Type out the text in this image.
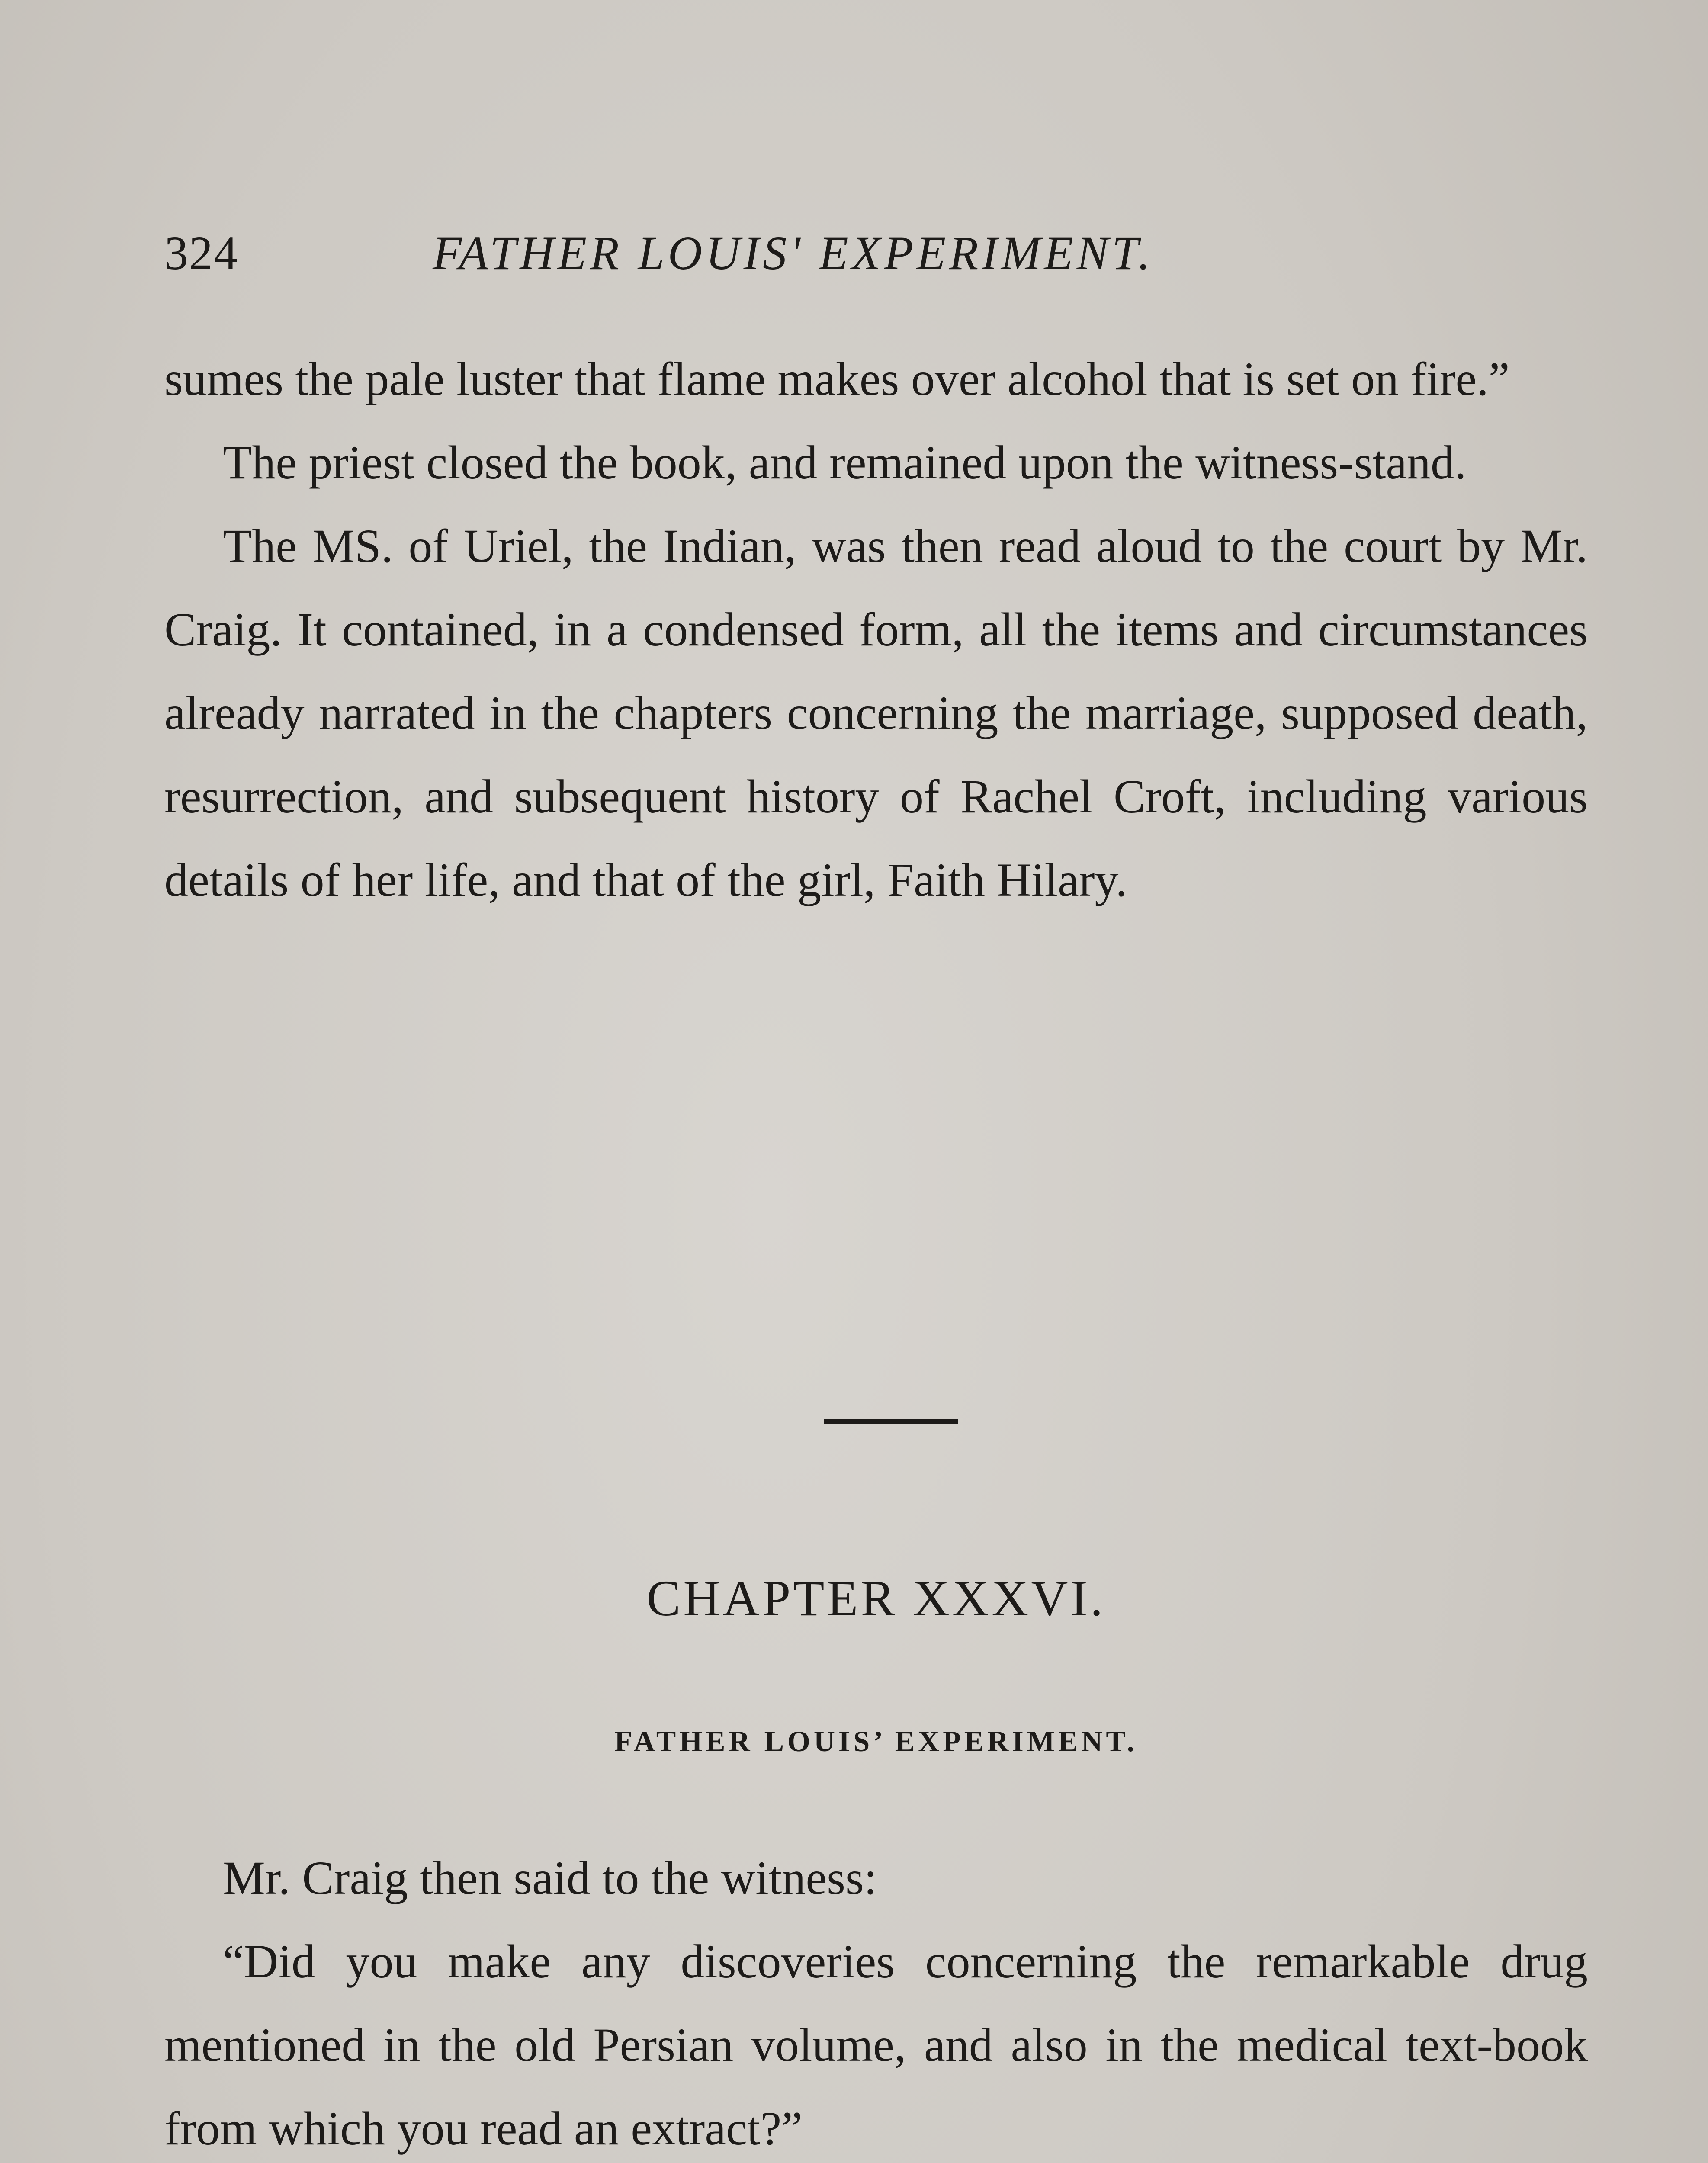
324	FATHER LOUIS' EXPERIMENT.

sumes the pale luster that flame makes over alcohol that is set on fire.”

The priest closed the book, and remained upon the witness-stand.

The MS. of Uriel, the Indian, was then read aloud to the court by Mr. Craig. It contained, in a condensed form, all the items and circumstances already narrated in the chapters concerning the marriage, supposed death, resurrection, and subsequent history of Rachel Croft, including various details of her life, and that of the girl, Faith Hilary.

CHAPTER XXXVI.
FATHER LOUIS’ EXPERIMENT.

Mr. Craig then said to the witness:

“Did you make any discoveries concerning the remarkable drug mentioned in the old Persian volume, and also in the medical text-book from which you read an extract?”
